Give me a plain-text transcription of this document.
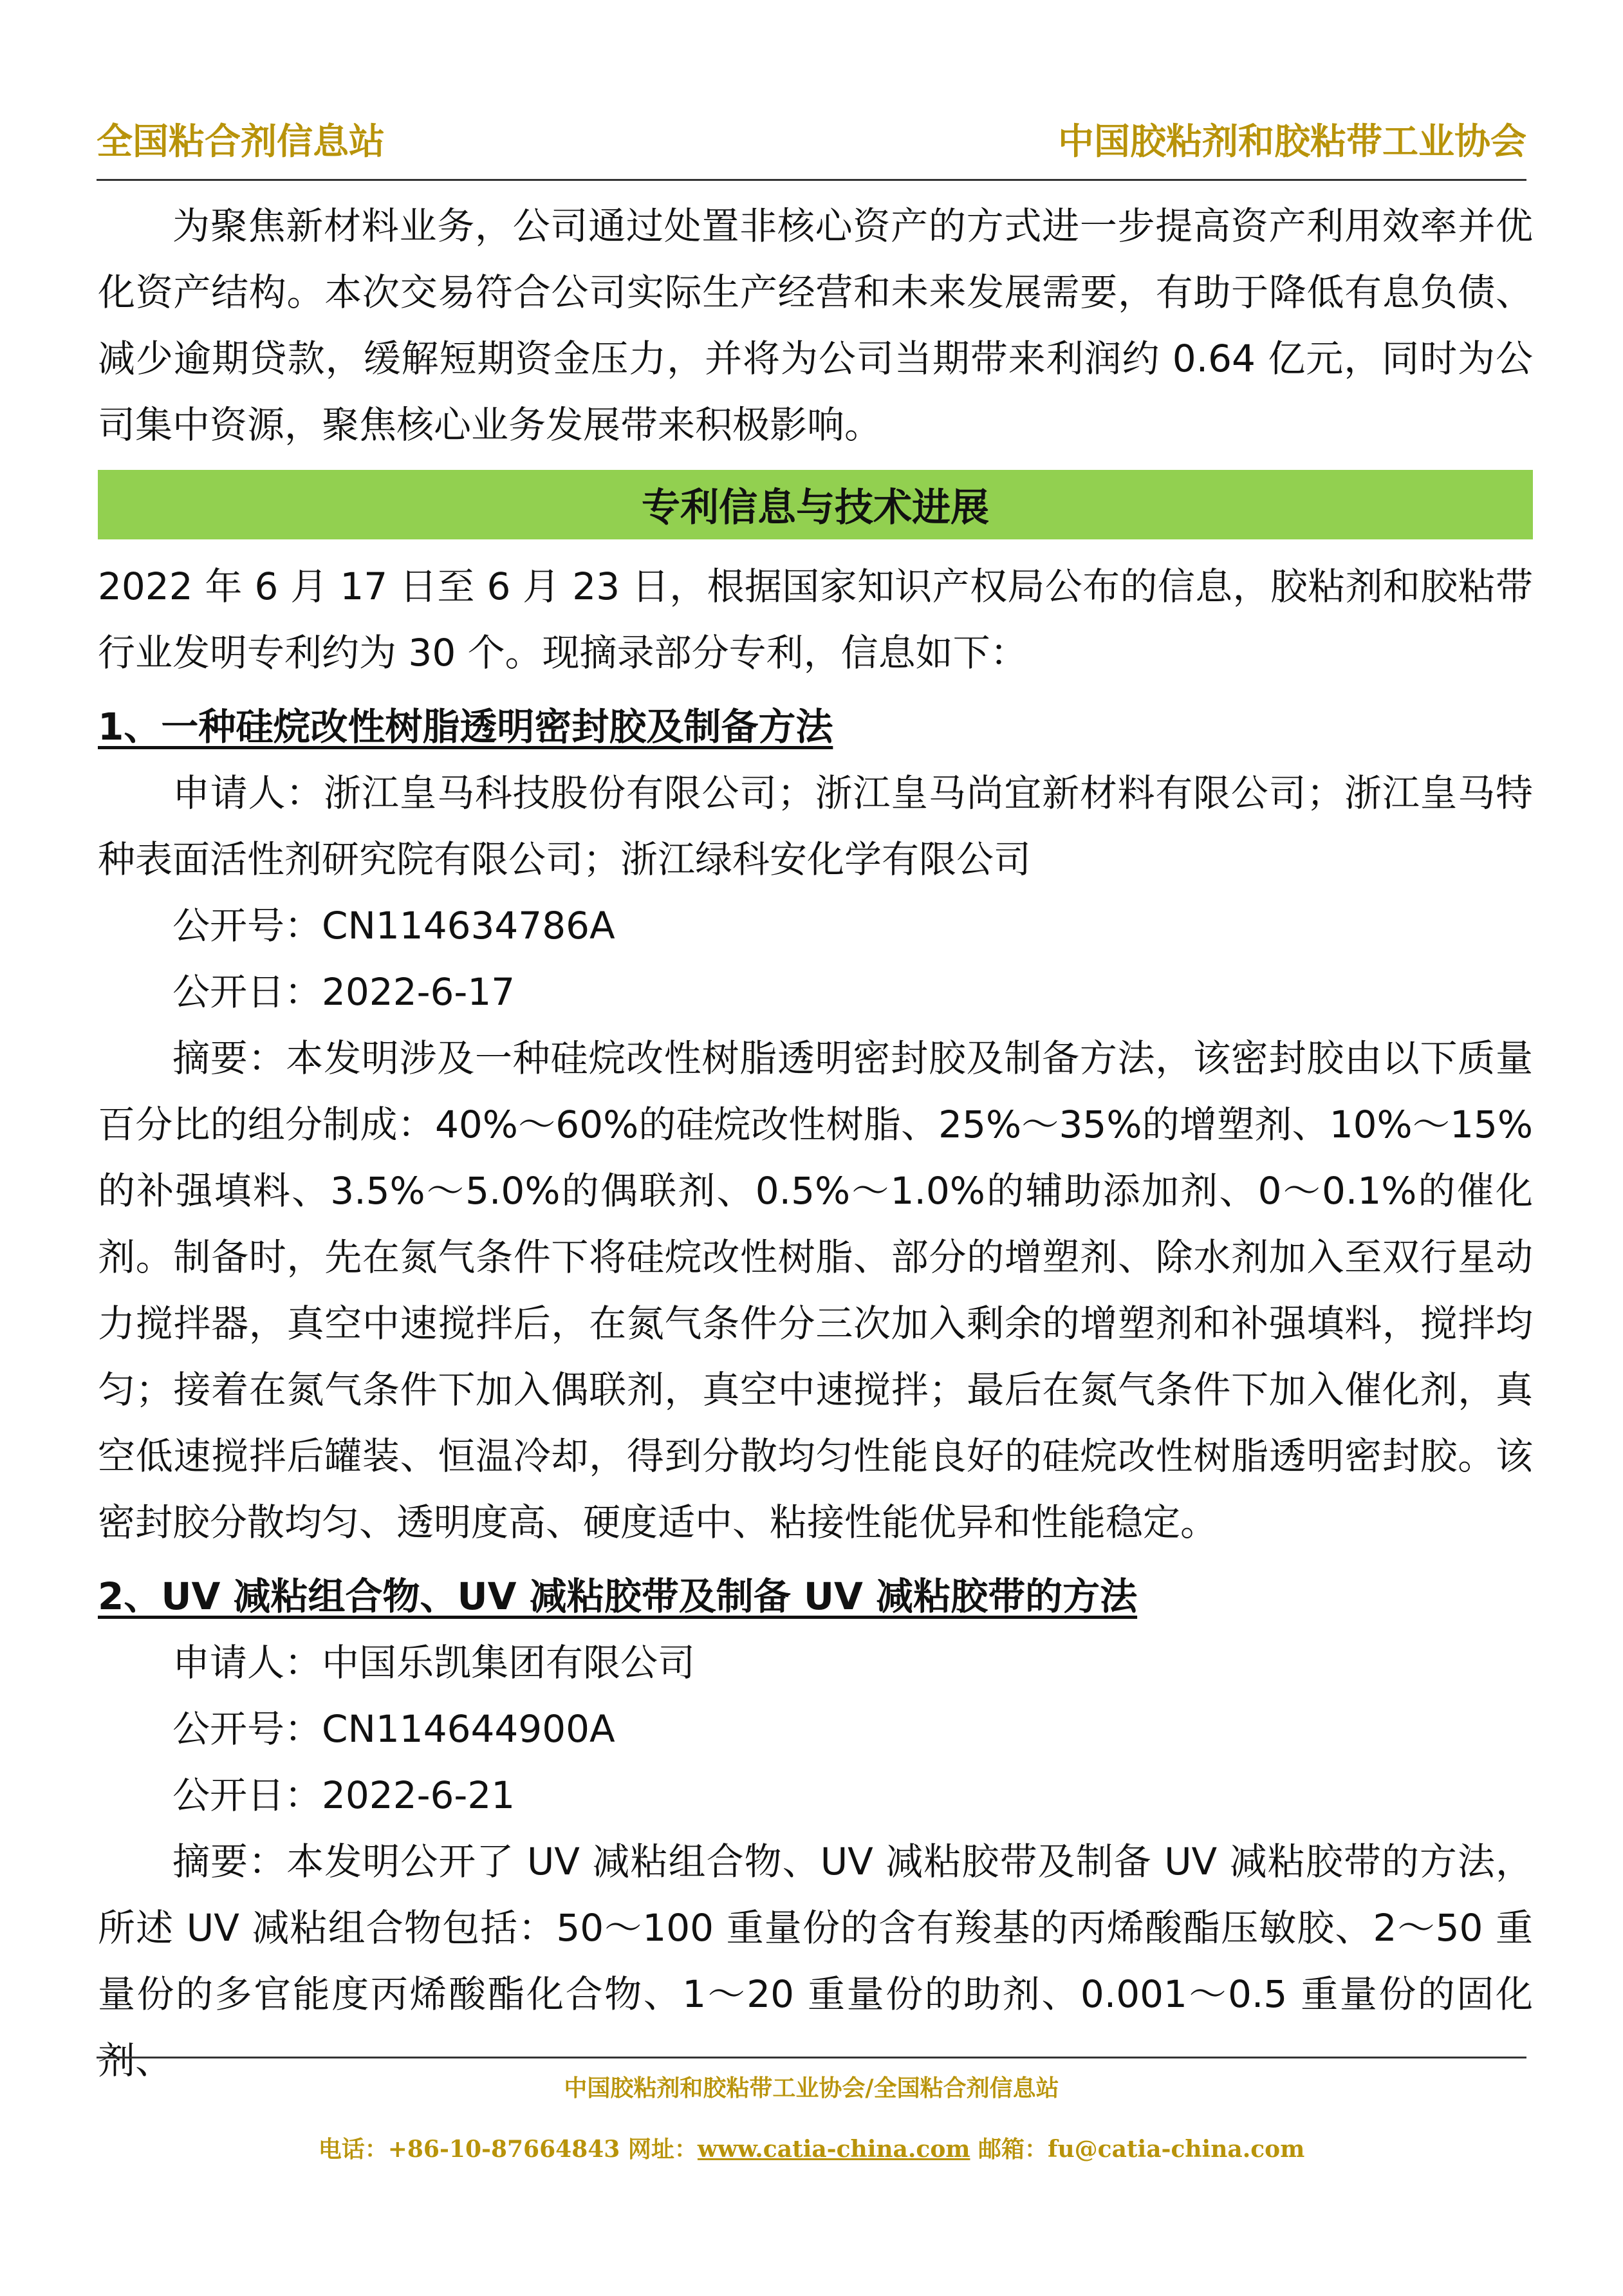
全国粘合剂信息站	中国胶粘剂和胶粘带工业协会

为聚焦新材料业务，公司通过处置非核心资产的方式进一步提高资产利用效率并优化资产结构。本次交易符合公司实际生产经营和未来发展需要，有助于降低有息负债、减少逾期贷款，缓解短期资金压力，并将为公司当期带来利润约 0.64 亿元，同时为公司集中资源，聚焦核心业务发展带来积极影响。

专利信息与技术进展

2022 年 6 月 17 日至 6 月 23 日，根据国家知识产权局公布的信息，胶粘剂和胶粘带行业发明专利约为 30 个。现摘录部分专利，信息如下：

1、一种硅烷改性树脂透明密封胶及制备方法

申请人：浙江皇马科技股份有限公司；浙江皇马尚宜新材料有限公司；浙江皇马特种表面活性剂研究院有限公司；浙江绿科安化学有限公司

公开号：CN114634786A

公开日：2022-6-17

摘要：本发明涉及一种硅烷改性树脂透明密封胶及制备方法，该密封胶由以下质量百分比的组分制成：40%～60%的硅烷改性树脂、25%～35%的增塑剂、10%～15%的补强填料、3.5%～5.0%的偶联剂、0.5%～1.0%的辅助添加剂、0～0.1%的催化剂。制备时，先在氮气条件下将硅烷改性树脂、部分的增塑剂、除水剂加入至双行星动力搅拌器，真空中速搅拌后，在氮气条件分三次加入剩余的增塑剂和补强填料，搅拌均匀；接着在氮气条件下加入偶联剂，真空中速搅拌；最后在氮气条件下加入催化剂，真空低速搅拌后罐装、恒温冷却，得到分散均匀性能良好的硅烷改性树脂透明密封胶。该密封胶分散均匀、透明度高、硬度适中、粘接性能优异和性能稳定。

2、UV 减粘组合物、UV 减粘胶带及制备 UV 减粘胶带的方法

申请人：中国乐凯集团有限公司

公开号：CN114644900A

公开日：2022-6-21

摘要：本发明公开了 UV 减粘组合物、UV 减粘胶带及制备 UV 减粘胶带的方法，所述 UV 减粘组合物包括：50～100 重量份的含有羧基的丙烯酸酯压敏胶、2～50 重量份的多官能度丙烯酸酯化合物、1～20 重量份的助剂、0.001～0.5 重量份的固化剂、

中国胶粘剂和胶粘带工业协会/全国粘合剂信息站
电话：+86-10-87664843 网址：www.catia-china.com 邮箱：fu@catia-china.com
